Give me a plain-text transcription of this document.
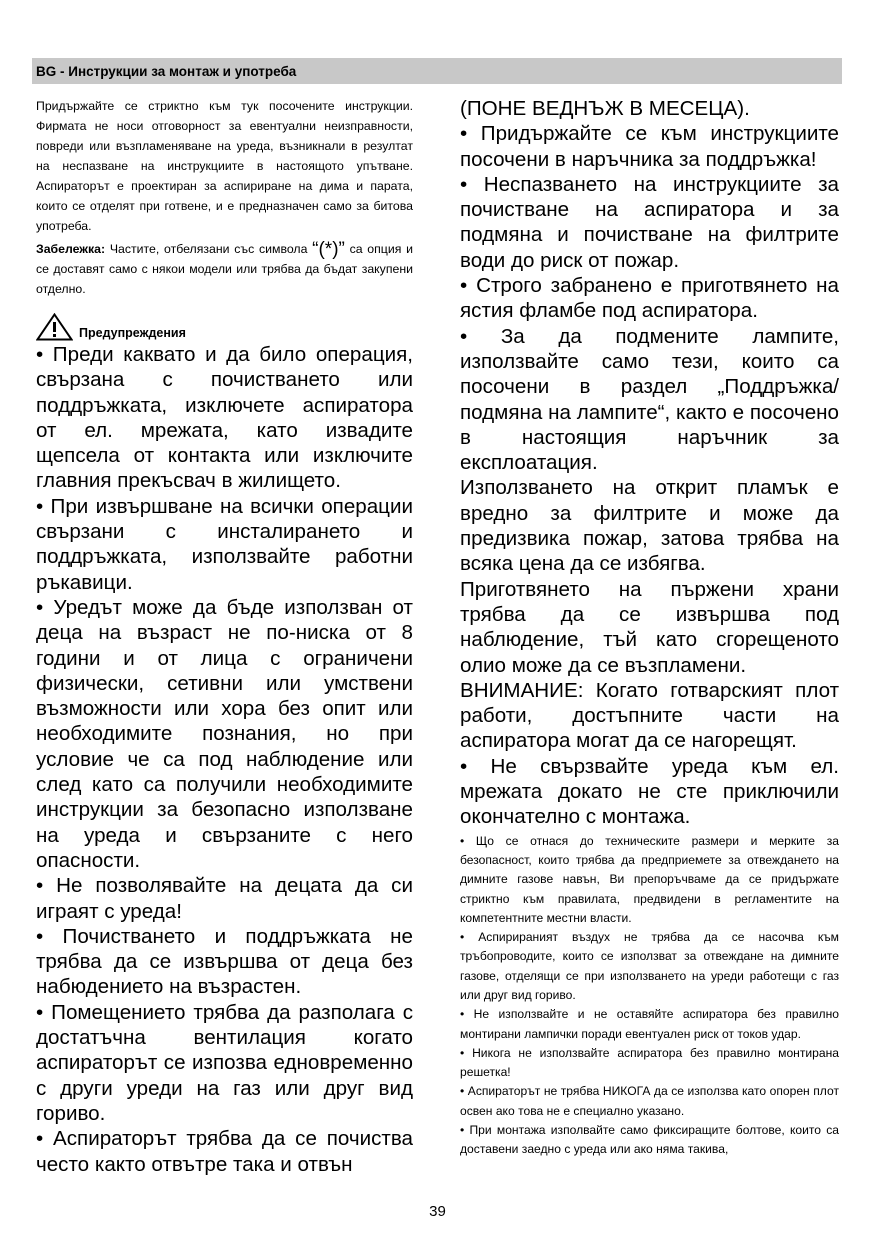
BG - Инструкции за монтаж и употреба

Придържайте се стриктно към тук посочените инструкции. Фирмата не носи отговорност за евентуални неизправности, повреди или възпламеняване на уреда, възникнали в резултат на неспазване на инструкциите в настоящото упътване. Аспираторът е проектиран за аспириране на дима и парата, които се отделят при готвене, и е предназначен само за битова употреба.

Забележка: Частите, отбелязани със символа “(*)” са опция и се доставят само с някои модели или трябва да бъдат закупени отделно.

Предупреждения

• Преди каквато и да било операция, свързана с почистването или поддръжката, изключете аспиратора от ел. мрежата, като извадите щепсела от контакта или изключите главния прекъсвач в жилището.

• При извършване на всички операции свързани с инсталирането и поддръжката, използвайте работни ръкавици.

• Уредът може да бъде използван от деца на възраст не по-ниска от 8 години и от лица с ограничени физически, сетивни или умствени възможности или хора без опит или необходимите познания, но при условие че са под наблюдение или след като са получили необходимите инструкции за безопасно използване на уреда и свързаните с него опасности.

• Не позволявайте на децата да си играят с уреда!

• Почистването и поддръжката не трябва да се извършва от деца без набюдението на възрастен.

• Помещението трябва да разполага с достатъчна вентилация когато аспираторът се изпозва едновременно с други уреди на газ или друг вид гориво.

• Аспираторът трябва да се почиства често както отвътре така и отвън

(ПОНЕ ВЕДНЪЖ В МЕСЕЦА).

• Придържайте се към инструкциите посочени в наръчника за поддръжка!

• Неспазването на инструкциите за почистване на аспиратора и за подмяна и почистване на филтрите води до риск от пожар.

• Строго забранено е приготвянето на ястия фламбе под аспиратора.

• За да подмените лампите, използвайте само тези, които са посочени в раздел „Поддръжка/подмяна на лампите“, както е посочено в настоящия наръчник за експлоатация.

Използването на открит пламък е вредно за филтрите и може да предизвика пожар, затова трябва на всяка цена да се избягва.

Приготвянето на пържени храни трябва да се извършва под наблюдение, тъй като сгорещеното олио може да се възпламени.

ВНИМАНИЕ: Когато готварският плот работи, достъпните части на аспиратора могат да се нагорещят.

• Не свързвайте уреда към ел. мрежата докато не сте приключили окончателно с монтажа.

• Що се отнася до техническите размери и мерките за безопасност, които трябва да предприемете за отвеждането на димните газове навън, Ви препоръчваме да се придържате стриктно към правилата, предвидени в регламентите на компетентните местни власти.

• Аспирираният въздух не трябва да се насочва към тръбопроводите, които се използват за отвеждане на димните газове, отделящи се при използването на уреди работещи с газ или друг вид гориво.

• Не използвайте и не оставяйте аспиратора без правилно монтирани лампички поради евентуален риск от токов удар.

• Никога не използвайте аспиратора без правилно монтирана решетка!

• Аспираторът не трябва НИКОГА да се използва като опорен плот освен ако това не е специално указано.

• При монтажа изполвайте само фиксиращите болтове, които са доставени заедно с уреда или ако няма такива,

39
